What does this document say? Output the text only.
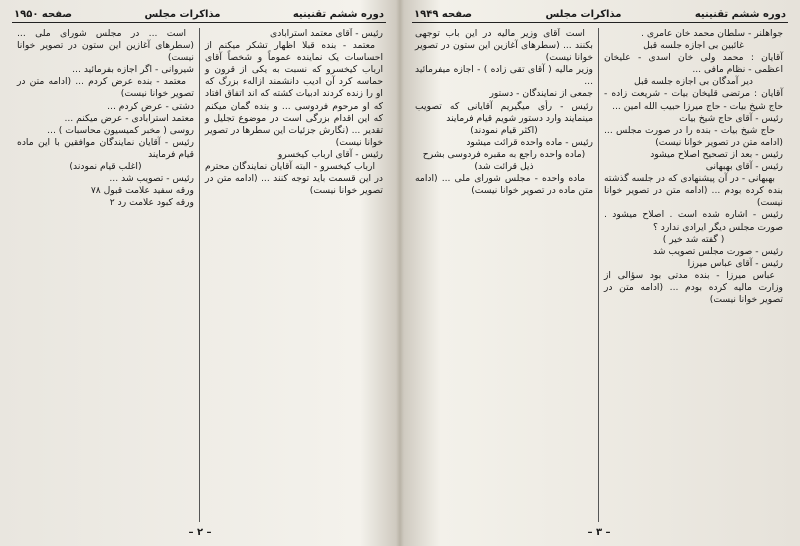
دوره ششم تقنینیه
مذاکرات مجلس
صفحه ۱۹۵۰

رئیس - آقای معتمد استرابادی

معتمد - بنده قبلا اظهار تشکر میکنم از احساسات یک نماینده عموماً و شخصاً آقای ارباب کیخسرو که نسبت به یکی از قرون و حماسه کرد آن ادیب دانشمند ازالهء بزرگ که او را زنده کردند ادبیات کشته که اند اتفاق افتاد که او مرحوم فردوسی ... و بنده گمان میکنم که این اقدام بزرگی است در موضوع تجلیل و تقدیر ... (نگارش جزئیات این سطرها در تصویر خوانا نیست)

رئیس - آقای ارباب کیخسرو

ارباب کیخسرو - البته آقایان نمایندگان محترم در این قسمت باید توجه کنند ... (ادامه متن در تصویر خوانا نیست)

است ... در مجلس شورای ملی ... (سطرهای آغازین این ستون در تصویر خوانا نیست)

شیروانی - اگر اجازه بفرمائید ...

معتمد - بنده عرض کردم ... (ادامه متن در تصویر خوانا نیست)

دشتی - عرض کردم ...

معتمد استرابادی - عرض میکنم ...

روسی ( مخبر کمیسیون محاسبات ) ...

رئیس - آقایان نمایندگان موافقین با این ماده قیام فرمایند

(اغلب قیام نمودند)

رئیس - تصویب شد ...

ورقه سفید علامت قبول ۷۸

ورقه کبود علامت رد ۲

– ۲ –
دوره ششم تقنینیه
مذاکرات مجلس
صفحه ۱۹۴۹

جواهلنر - سلطان محمد خان عامری .

غائبین بی اجازه جلسه قبل

آقایان : محمد ولی خان اسدی - علیخان اعظمی - نظام مافی ...

دیر آمدگان بی اجازه جلسه قبل

آقایان : مرتضی قلیخان بیات - شریعت زاده - حاج شیخ بیات - حاج میرزا حبیب الله امین ...

رئیس - آقای حاج شیخ بیات

حاج شیخ بیات - بنده را در صورت مجلس ... (ادامه متن در تصویر خوانا نیست)

رئیس - بعد از تصحیح اصلاح میشود

رئیس - آقای بهبهانی

بهبهانی - در آن پیشنهادی که در جلسه گذشته بنده کرده بودم ... (ادامه متن در تصویر خوانا نیست)

رئیس - اشاره شده است . اصلاح میشود . صورت مجلس دیگر ایرادی ندارد ؟

( گفته شد خیر )

رئیس - صورت مجلس تصویب شد

رئیس - آقای عباس میرزا

عباس میرزا - بنده مدتی بود سؤالی از وزارت مالیه کرده بودم ... (ادامه متن در تصویر خوانا نیست)

است آقای وزیر مالیه در این باب توجهی بکنند ... (سطرهای آغازین این ستون در تصویر خوانا نیست)

وزیر مالیه ( آقای تقی زاده ) - اجازه میفرمائید ...

جمعی از نمایندگان - دستور

رئیس - رأی میگیریم آقایانی که تصویب مینمایند وارد دستور شویم قیام فرمایند

(اکثر قیام نمودند)

رئیس - ماده واحده قرائت میشود

(ماده واحده راجع به مقبره فردوسی بشرح ذیل قرائت شد)

ماده واحده - مجلس شورای ملی ... (ادامه متن ماده در تصویر خوانا نیست)

– ۳ –
